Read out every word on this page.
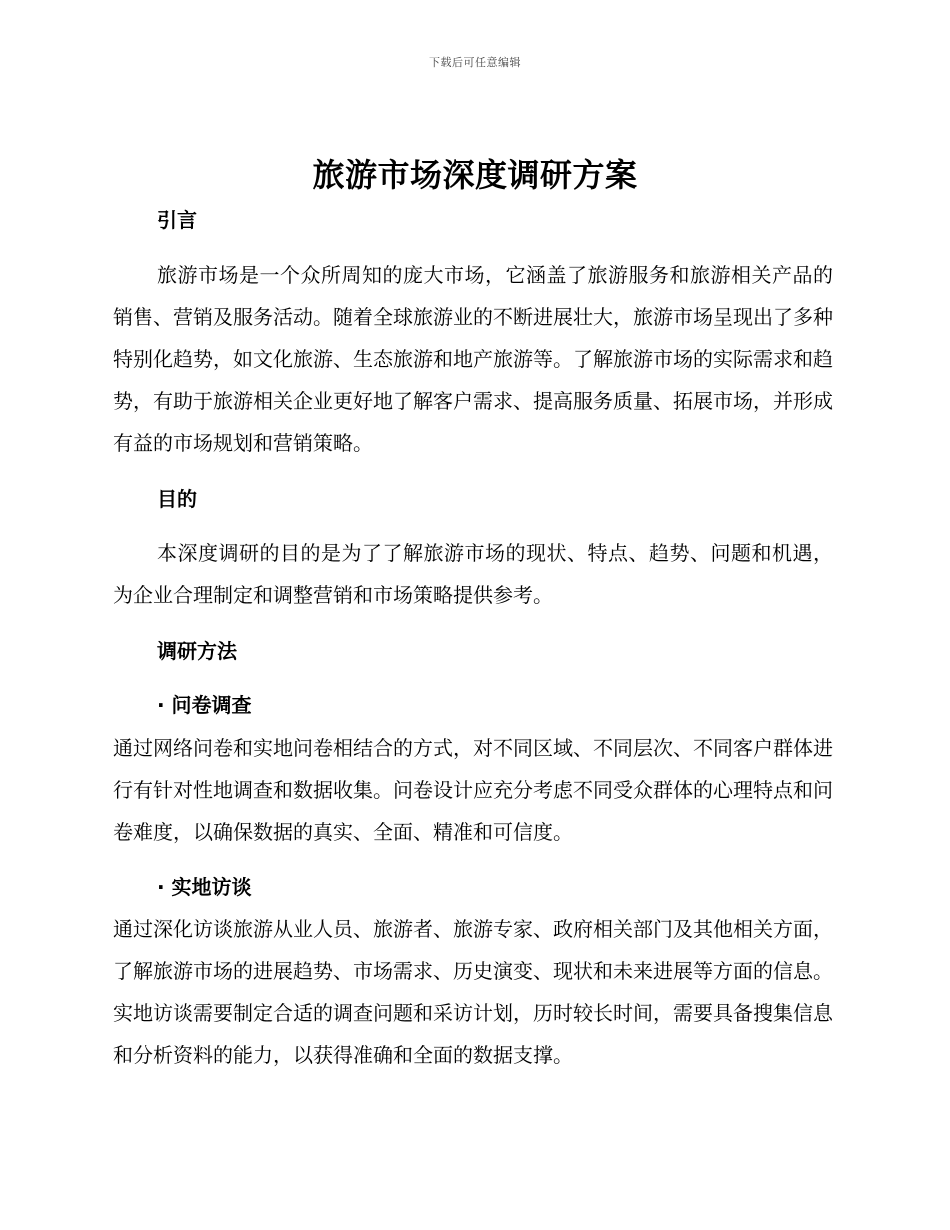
下载后可任意编辑
旅游市场深度调研方案
引言

旅游市场是一个众所周知的庞大市场，它涵盖了旅游服务和旅游相关产品的销售、营销及服务活动。随着全球旅游业的不断进展壮大，旅游市场呈现出了多种特别化趋势，如文化旅游、生态旅游和地产旅游等。了解旅游市场的实际需求和趋势，有助于旅游相关企业更好地了解客户需求、提高服务质量、拓展市场，并形成有益的市场规划和营销策略。

目的

本深度调研的目的是为了了解旅游市场的现状、特点、趋势、问题和机遇，为企业合理制定和调整营销和市场策略提供参考。

调研方法
· 问卷调查

通过网络问卷和实地问卷相结合的方式，对不同区域、不同层次、不同客户群体进行有针对性地调查和数据收集。问卷设计应充分考虑不同受众群体的心理特点和问卷难度，以确保数据的真实、全面、精准和可信度。

· 实地访谈

通过深化访谈旅游从业人员、旅游者、旅游专家、政府相关部门及其他相关方面，了解旅游市场的进展趋势、市场需求、历史演变、现状和未来进展等方面的信息。实地访谈需要制定合适的调查问题和采访计划，历时较长时间，需要具备搜集信息和分析资料的能力，以获得准确和全面的数据支撑。
